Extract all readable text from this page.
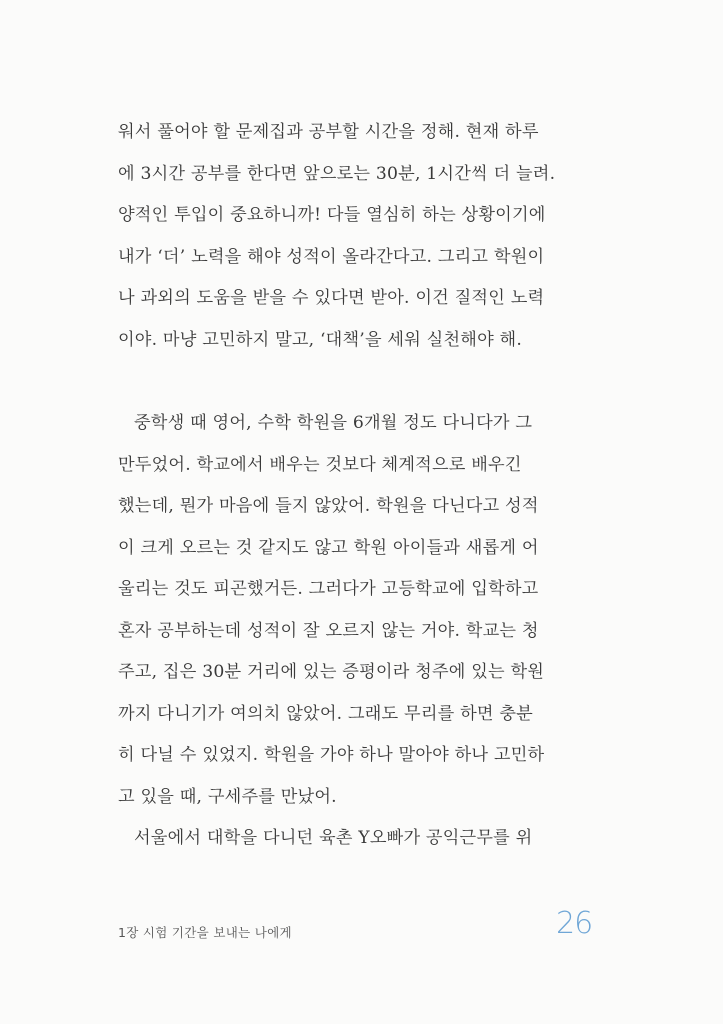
워서 풀어야 할 문제집과 공부할 시간을 정해. 현재 하루
에 3시간 공부를 한다면 앞으로는 30분, 1시간씩 더 늘려.
양적인 투입이 중요하니까! 다들 열심히 하는 상황이기에
내가 ‘더’ 노력을 해야 성적이 올라간다고. 그리고 학원이
나 과외의 도움을 받을 수 있다면 받아. 이건 질적인 노력
이야. 마냥 고민하지 말고, ‘대책’을 세워 실천해야 해.
중학생 때 영어, 수학 학원을 6개월 정도 다니다가 그
만두었어. 학교에서 배우는 것보다 체계적으로 배우긴
했는데, 뭔가 마음에 들지 않았어. 학원을 다닌다고 성적
이 크게 오르는 것 같지도 않고 학원 아이들과 새롭게 어
울리는 것도 피곤했거든. 그러다가 고등학교에 입학하고
혼자 공부하는데 성적이 잘 오르지 않는 거야. 학교는 청
주고, 집은 30분 거리에 있는 증평이라 청주에 있는 학원
까지 다니기가 여의치 않았어. 그래도 무리를 하면 충분
히 다닐 수 있었지. 학원을 가야 하나 말아야 하나 고민하
고 있을 때, 구세주를 만났어.
서울에서 대학을 다니던 육촌 Y오빠가 공익근무를 위
1장 시험 기간을 보내는 나에게	26
